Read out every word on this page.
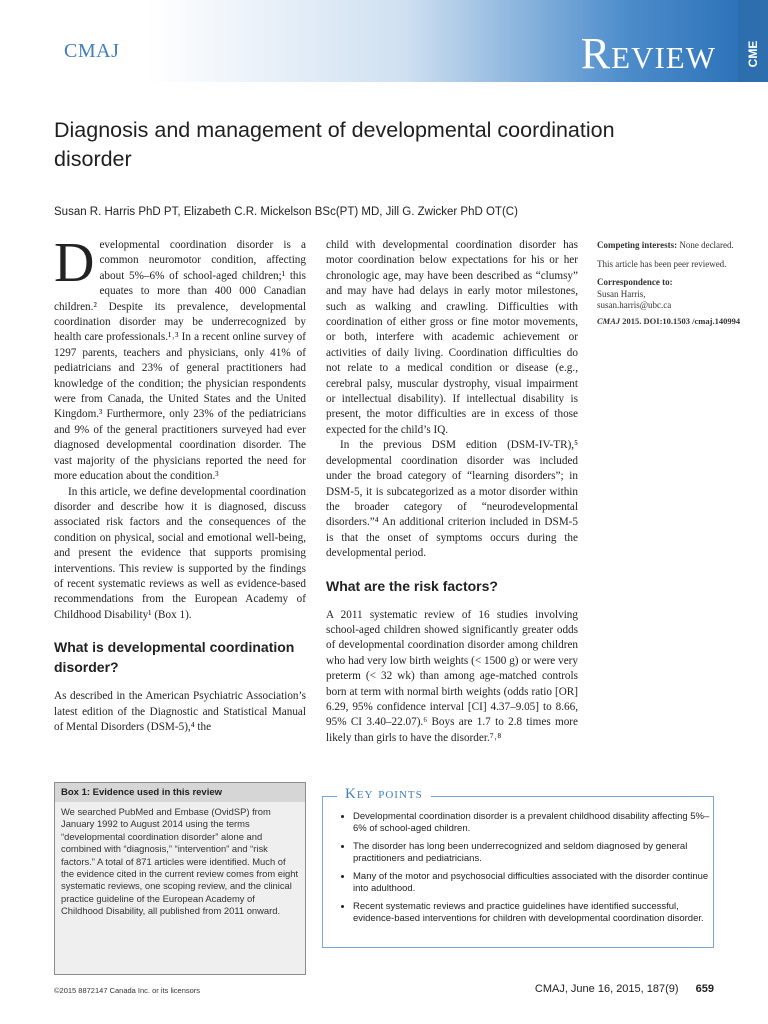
CMAJ	Review	CME
Diagnosis and management of developmental coordination disorder
Susan R. Harris PhD PT, Elizabeth C.R. Mickelson BSc(PT) MD, Jill G. Zwicker PhD OT(C)

Developmental coordination disorder is a common neuromotor condition, affecting about 5%–6% of school-aged children;¹ this equates to more than 400 000 Canadian children.² Despite its prevalence, developmental coordination disorder may be underrecognized by health care professionals.¹˒³ In a recent online survey of 1297 parents, teachers and physicians, only 41% of pediatricians and 23% of general practitioners had knowledge of the condition; the physician respondents were from Canada, the United States and the United Kingdom.³ Furthermore, only 23% of the pediatricians and 9% of the general practitioners surveyed had ever diagnosed developmental coordination disorder. The vast majority of the physicians reported the need for more education about the condition.³

In this article, we define developmental coordination disorder and describe how it is diagnosed, discuss associated risk factors and the consequences of the condition on physical, social and emotional well-being, and present the evidence that supports promising interventions. This review is supported by the findings of recent systematic reviews as well as evidence-based recommendations from the European Academy of Childhood Disability¹ (Box 1).

What is developmental coordination disorder?

As described in the American Psychiatric Association’s latest edition of the Diagnostic and Statistical Manual of Mental Disorders (DSM-5),⁴ the

child with developmental coordination disorder has motor coordination below expectations for his or her chronologic age, may have been described as “clumsy” and may have had delays in early motor milestones, such as walking and crawling. Difficulties with coordination of either gross or fine motor movements, or both, interfere with academic achievement or activities of daily living. Coordination difficulties do not relate to a medical condition or disease (e.g., cerebral palsy, muscular dystrophy, visual impairment or intellectual disability). If intellectual disability is present, the motor difficulties are in excess of those expected for the child’s IQ.

In the previous DSM edition (DSM-IV-TR),⁵ developmental coordination disorder was included under the broad category of “learning disorders”; in DSM-5, it is subcategorized as a motor disorder within the broader category of “neurodevelopmental disorders.”⁴ An additional criterion included in DSM-5 is that the onset of symptoms occurs during the developmental period.

What are the risk factors?

A 2011 systematic review of 16 studies involving school-aged children showed significantly greater odds of developmental coordination disorder among children who had very low birth weights (< 1500 g) or were very preterm (< 32 wk) than among age-matched controls born at term with normal birth weights (odds ratio [OR] 6.29, 95% confidence interval [CI] 4.37–9.05] to 8.66, 95% CI 3.40–22.07).⁶ Boys are 1.7 to 2.8 times more likely than girls to have the disorder.⁷˒⁸

Competing interests: None declared.

This article has been peer reviewed.

Correspondence to:
Susan Harris,
susan.harris@ubc.ca

CMAJ 2015. DOI:10.1503 /cmaj.140994

Box 1: Evidence used in this review
We searched PubMed and Embase (OvidSP) from January 1992 to August 2014 using the terms “developmental coordination disorder” alone and combined with “diagnosis,” “intervention” and “risk factors.” A total of 871 articles were identified. Much of the evidence cited in the current review comes from eight systematic reviews, one scoping review, and the clinical practice guideline of the European Academy of Childhood Disability, all published from 2011 onward.
Key points
• Developmental coordination disorder is a prevalent childhood disability affecting 5%–6% of school-aged children.
• The disorder has long been underrecognized and seldom diagnosed by general practitioners and pediatricians.
• Many of the motor and psychosocial difficulties associated with the disorder continue into adulthood.
• Recent systematic reviews and practice guidelines have identified successful, evidence-based interventions for children with developmental coordination disorder.
©2015 8872147 Canada Inc. or its licensors	CMAJ, June 16, 2015, 187(9) 659
